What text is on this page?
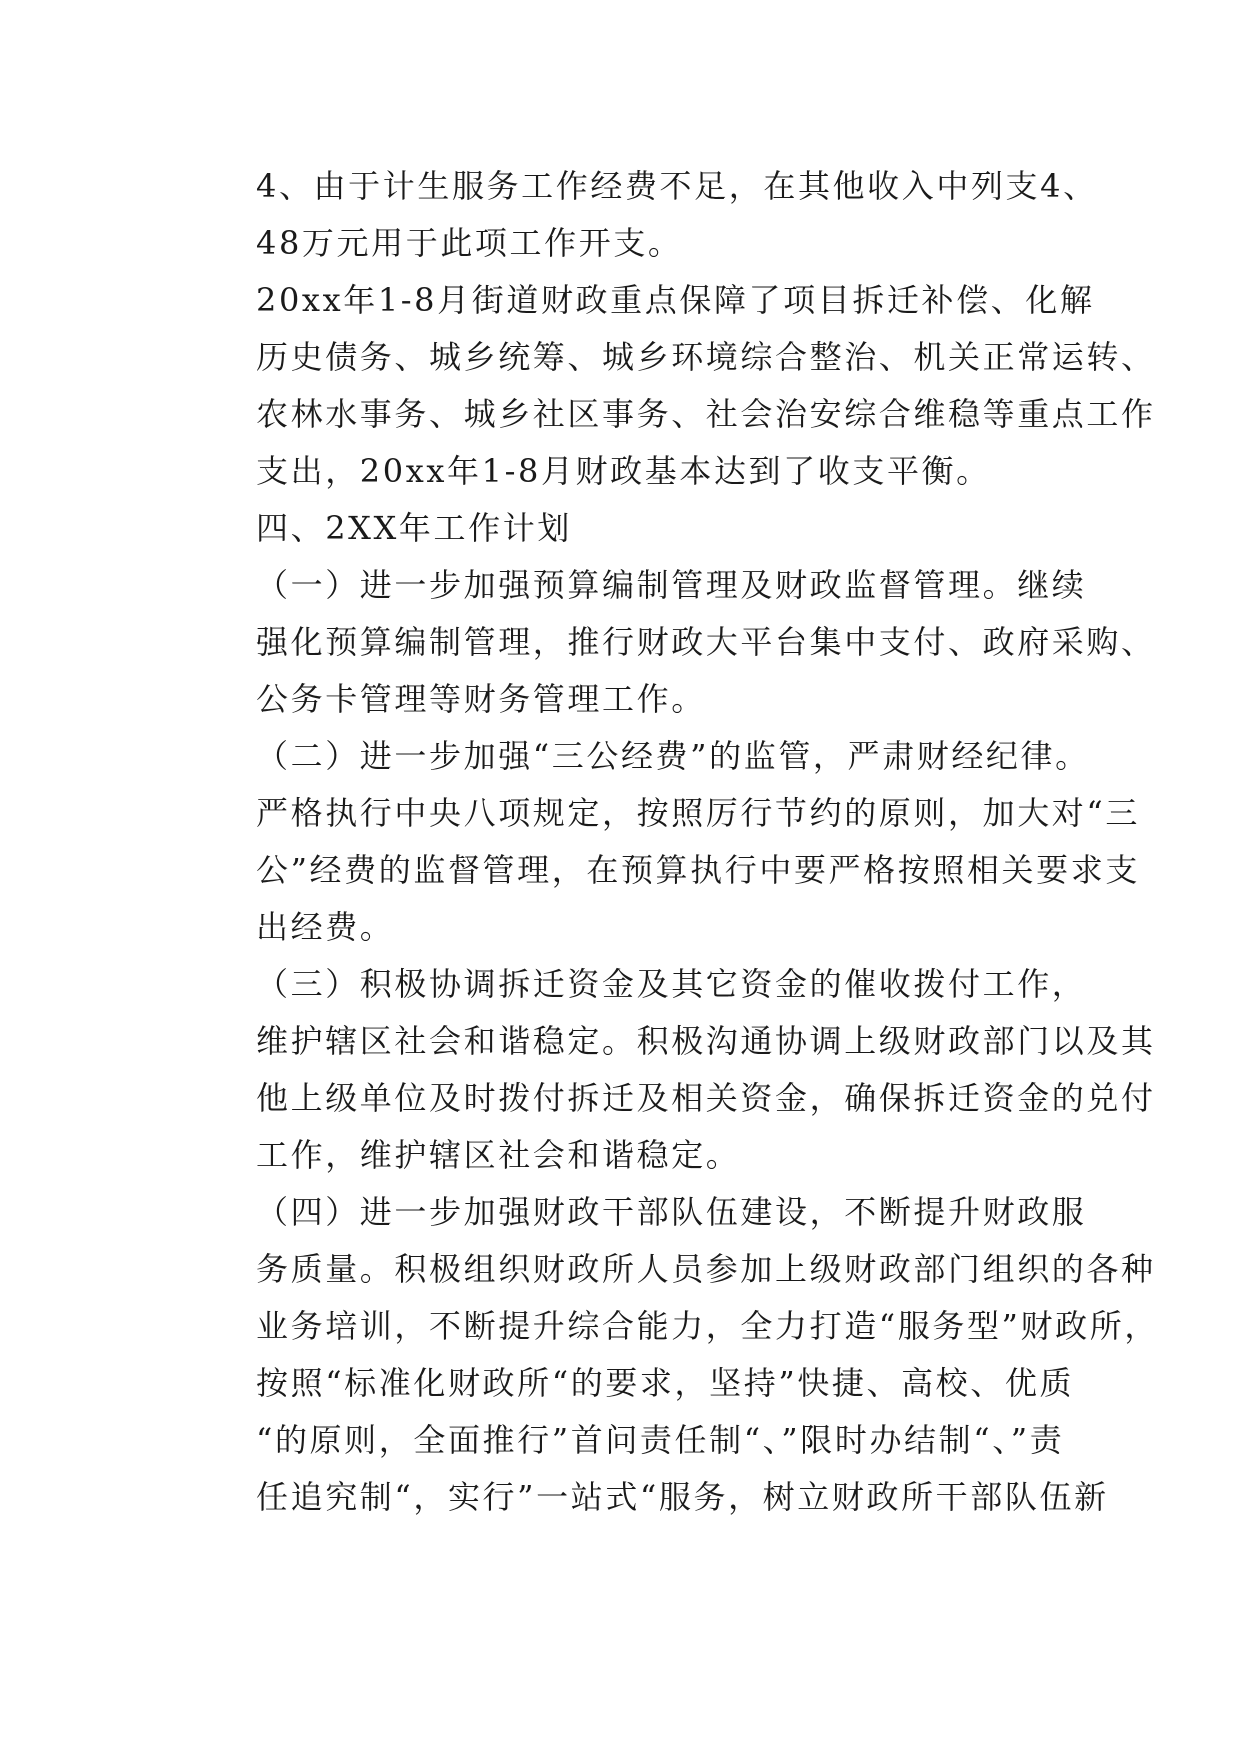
4、由于计生服务工作经费不足，在其他收入中列支4、
48万元用于此项工作开支。

20xx年1-8月街道财政重点保障了项目拆迁补偿、化解
历史债务、城乡统筹、城乡环境综合整治、机关正常运转、
农林水事务、城乡社区事务、社会治安综合维稳等重点工作
支出，20xx年1-8月财政基本达到了收支平衡。

四、2XX年工作计划

（一）进一步加强预算编制管理及财政监督管理。继续
强化预算编制管理，推行财政大平台集中支付、政府采购、
公务卡管理等财务管理工作。

（二）进一步加强“三公经费”的监管，严肃财经纪律。
严格执行中央八项规定，按照厉行节约的原则，加大对“三
公”经费的监督管理，在预算执行中要严格按照相关要求支
出经费。

（三）积极协调拆迁资金及其它资金的催收拨付工作，
维护辖区社会和谐稳定。积极沟通协调上级财政部门以及其
他上级单位及时拨付拆迁及相关资金，确保拆迁资金的兑付
工作，维护辖区社会和谐稳定。

（四）进一步加强财政干部队伍建设，不断提升财政服
务质量。积极组织财政所人员参加上级财政部门组织的各种
业务培训，不断提升综合能力，全力打造“服务型”财政所，
按照“标准化财政所“的要求，坚持”快捷、高校、优质
“的原则，全面推行”首问责任制“、”限时办结制“、”责
任追究制“，实行”一站式“服务，树立财政所干部队伍新
